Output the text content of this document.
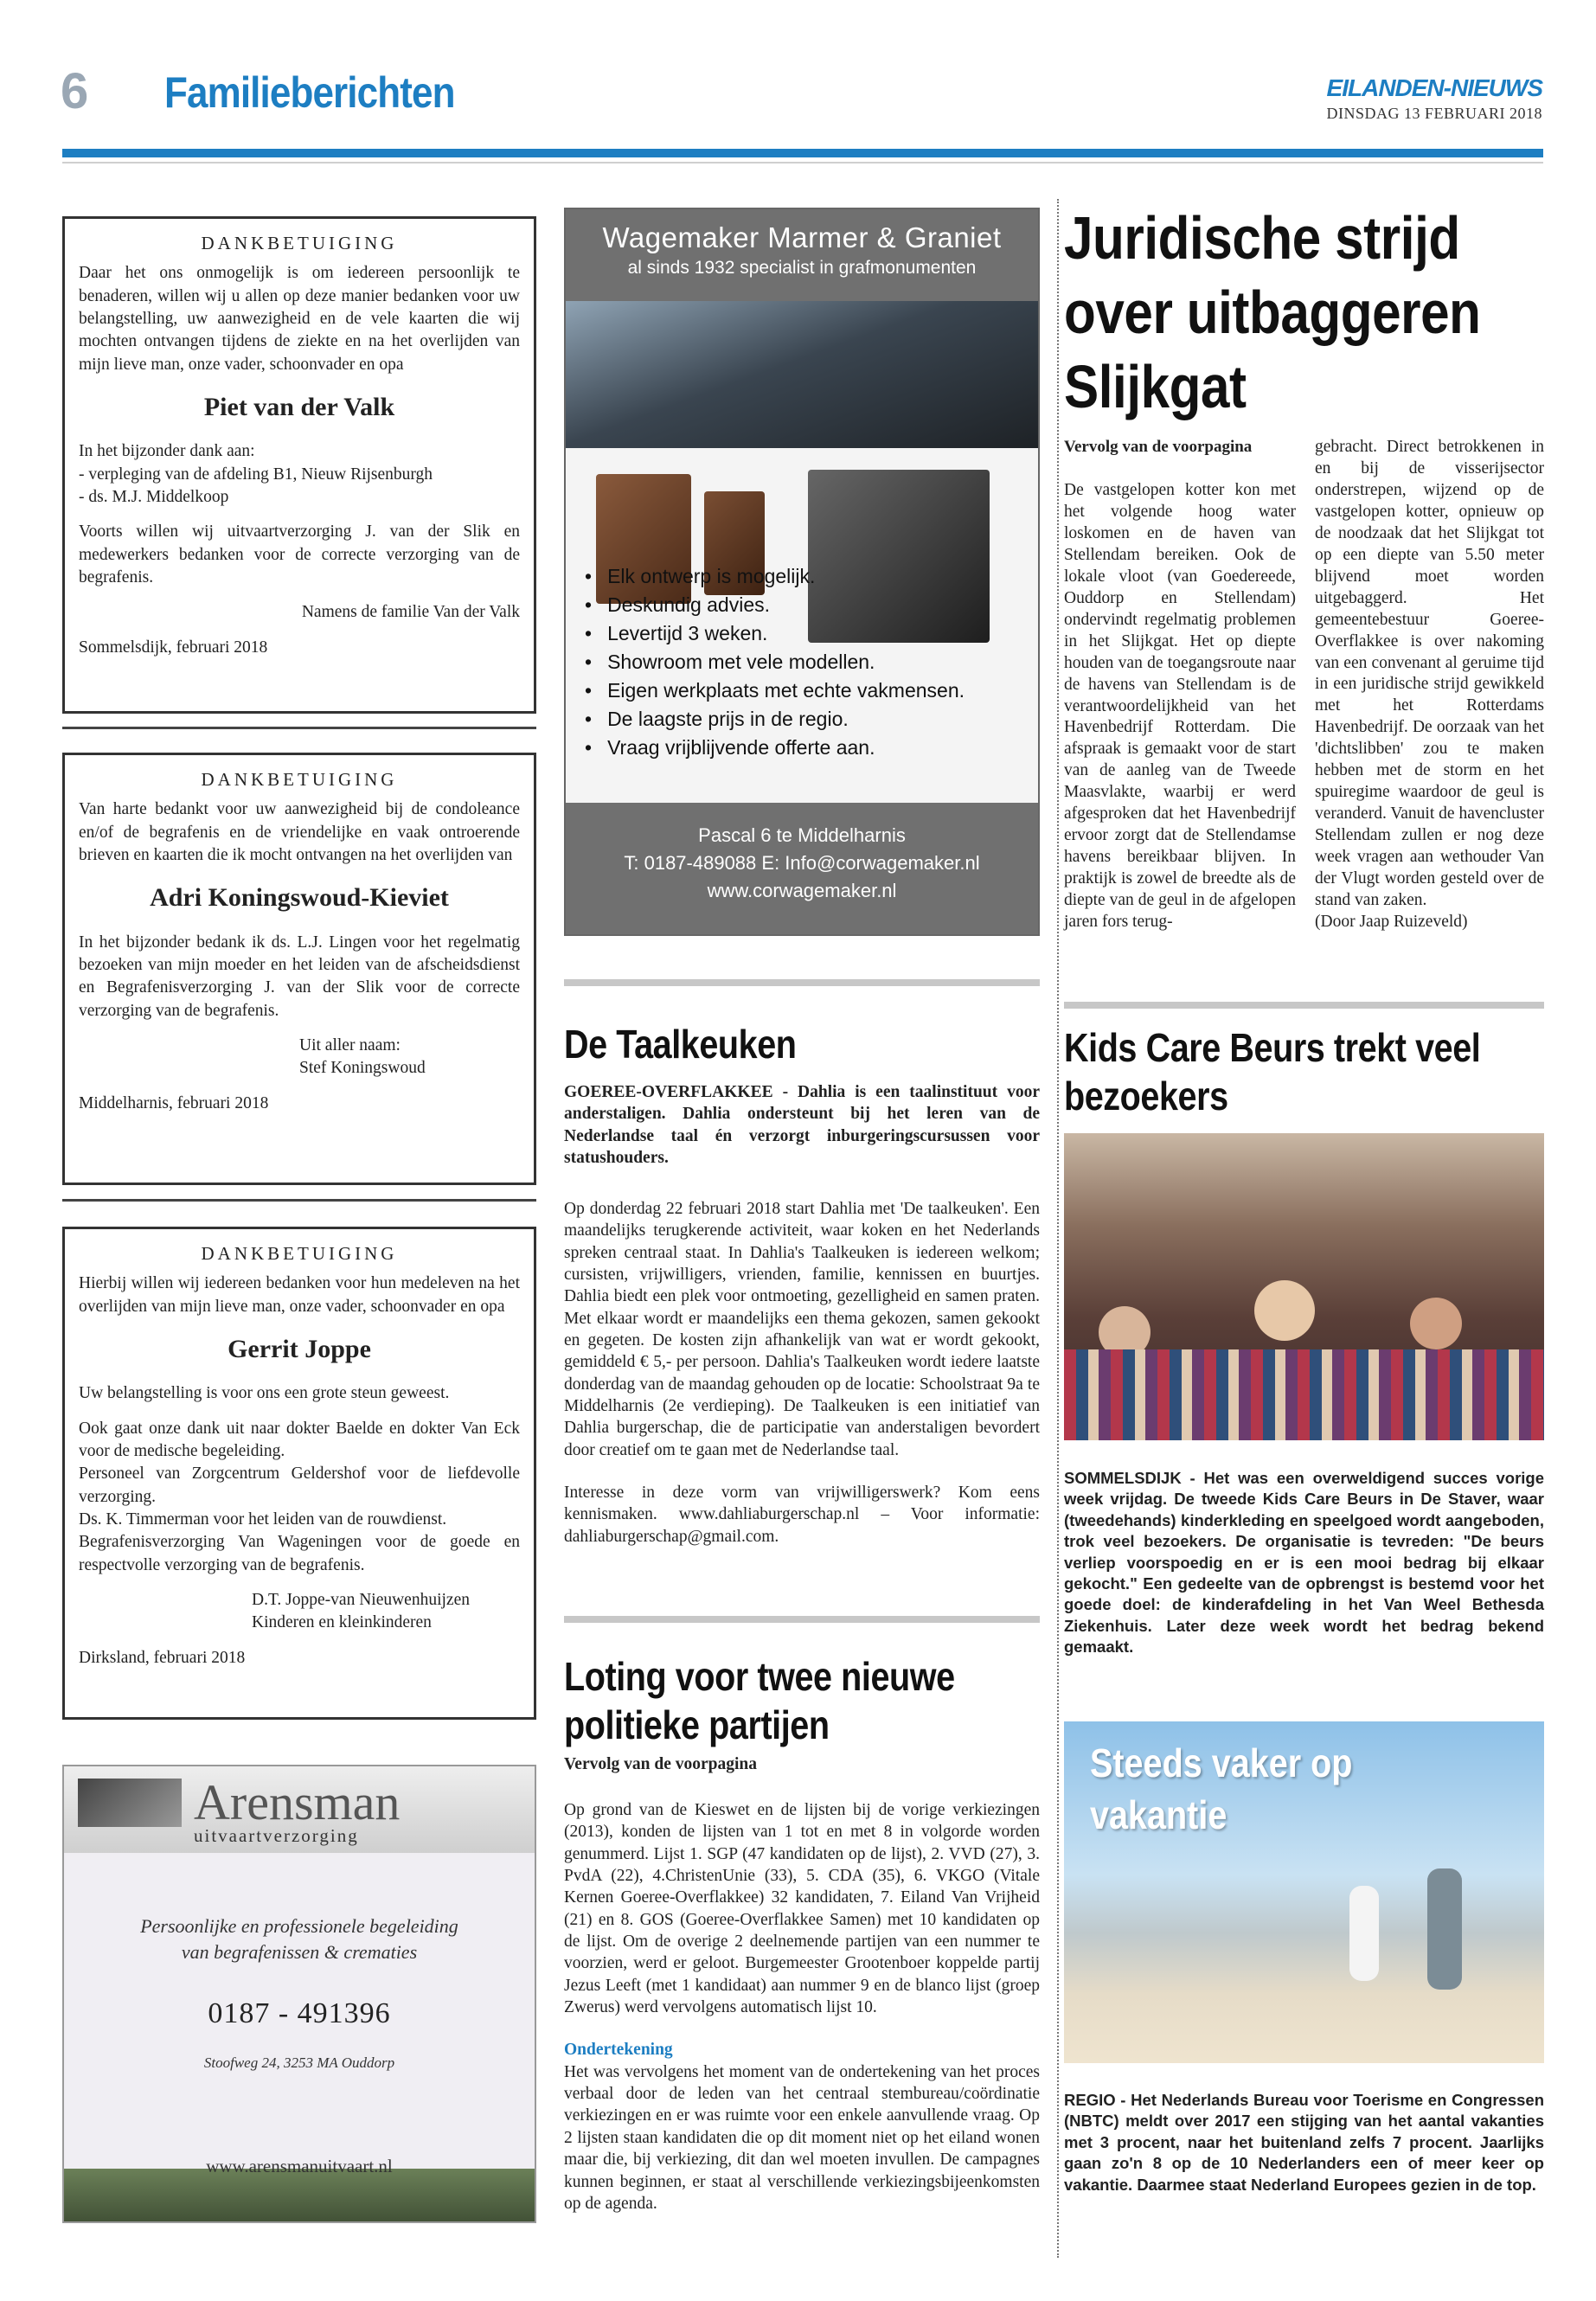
6 Familieberichten	EILANDEN-NIEUWS
DINSDAG 13 FEBRUARI 2018
DANKBETUIGING

Daar het ons onmogelijk is om iedereen persoonlijk te benaderen, willen wij u allen op deze manier bedanken voor uw belangstelling, uw aanwezigheid en de vele kaarten die wij mochten ontvangen tijdens de ziekte en na het overlijden van mijn lieve man, onze vader, schoonvader en opa

Piet van der Valk

In het bijzonder dank aan:
- verpleging van de afdeling B1, Nieuw Rijsenburgh
- ds. M.J. Middelkoop

Voorts willen wij uitvaartverzorging J. van der Slik en medewerkers bedanken voor de correcte verzorging van de begrafenis.

Namens de familie Van der Valk
Sommelsdijk, februari 2018
DANKBETUIGING

Van harte bedankt voor uw aanwezigheid bij de condoleance en/of de begrafenis en de vriendelijke en vaak ontroerende brieven en kaarten die ik mocht ontvangen na het overlijden van

Adri Koningswoud-Kieviet

In het bijzonder bedank ik ds. L.J. Lingen voor het regelmatig bezoeken van mijn moeder en het leiden van de afscheidsdienst en Begrafenisverzorging J. van der Slik voor de correcte verzorging van de begrafenis.

Uit aller naam:
Stef Koningswoud
Middelharnis, februari 2018
DANKBETUIGING

Hierbij willen wij iedereen bedanken voor hun medeleven na het overlijden van mijn lieve man, onze vader, schoonvader en opa

Gerrit Joppe

Uw belangstelling is voor ons een grote steun geweest.

Ook gaat onze dank uit naar dokter Baelde en dokter Van Eck voor de medische begeleiding.
Personeel van Zorgcentrum Geldershof voor de liefdevolle verzorging.
Ds. K. Timmerman voor het leiden van de rouwdienst.
Begrafenisverzorging Van Wageningen voor de goede en respectvolle verzorging van de begrafenis.

D.T. Joppe-van Nieuwenhuijzen
Kinderen en kleinkinderen
Dirksland, februari 2018
Arensman
uitvaartverzorging
Persoonlijke en professionele begeleiding
van begrafenissen & crematies
0187 - 491396
Stoofweg 24, 3253 MA Ouddorp
www.arensmanuitvaart.nl
Wagemaker Marmer & Graniet
al sinds 1932 specialist in grafmonumenten
• Elk ontwerp is mogelijk.
• Deskundig advies.
• Levertijd 3 weken.
• Showroom met vele modellen.
• Eigen werkplaats met echte vakmensen.
• De laagste prijs in de regio.
• Vraag vrijblijvende offerte aan.
Pascal 6 te Middelharnis
T: 0187-489088 E: Info@corwagemaker.nl
www.corwagemaker.nl
De Taalkeuken
GOEREE-OVERFLAKKEE - Dahlia is een taalinstituut voor anderstaligen. Dahlia ondersteunt bij het leren van de Nederlandse taal én verzorgt inburgeringscursussen voor statushouders.

Op donderdag 22 februari 2018 start Dahlia met 'De taalkeuken'. Een maandelijks terugkerende activiteit, waar koken en het Nederlands spreken centraal staat. In Dahlia's Taalkeuken is iedereen welkom; cursisten, vrijwilligers, vrienden, familie, kennissen en buurtjes. Dahlia biedt een plek voor ontmoeting, gezelligheid en samen praten. Met elkaar wordt er maandelijks een thema gekozen, samen gekookt en gegeten. De kosten zijn afhankelijk van wat er wordt gekookt, gemiddeld € 5,- per persoon. Dahlia's Taalkeuken wordt iedere laatste donderdag van de maandag gehouden op de locatie: Schoolstraat 9a te Middelharnis (2e verdieping). De Taalkeuken is een initiatief van Dahlia burgerschap, die de participatie van anderstaligen bevordert door creatief om te gaan met de Nederlandse taal.

Interesse in deze vorm van vrijwilligerswerk? Kom eens kennismaken. www.dahliaburgerschap.nl – Voor informatie: dahliaburgerschap@gmail.com.

Loting voor twee nieuwe politieke partijen
Vervolg van de voorpagina

Op grond van de Kieswet en de lijsten bij de vorige verkiezingen (2013), konden de lijsten van 1 tot en met 8 in volgorde worden genummerd. Lijst 1. SGP (47 kandidaten op de lijst), 2. VVD (27), 3. PvdA (22), 4.ChristenUnie (33), 5. CDA (35), 6. VKGO (Vitale Kernen Goeree-Overflakkee) 32 kandidaten, 7. Eiland Van Vrijheid (21) en 8. GOS (Goeree-Overflakkee Samen) met 10 kandidaten op de lijst. Om de overige 2 deelnemende partijen van een nummer te voorzien, werd er geloot. Burgemeester Grootenboer koppelde partij Jezus Leeft (met 1 kandidaat) aan nummer 9 en de blanco lijst (groep Zwerus) werd vervolgens automatisch lijst 10.

Ondertekening
Het was vervolgens het moment van de ondertekening van het proces verbaal door de leden van het centraal stembureau/coördinatie verkiezingen en er was ruimte voor een enkele aanvullende vraag. Op 2 lijsten staan kandidaten die op dit moment niet op het eiland wonen maar die, bij verkiezing, dit dan wel moeten invullen. De campagnes kunnen beginnen, er staat al verschillende verkiezingsbijeenkomsten op de agenda.

Juridische strijd over uitbaggeren Slijkgat
Vervolg van de voorpagina
De vastgelopen kotter kon met het volgende hoog water loskomen en de haven van Stellendam bereiken. Ook de lokale vloot (van Goedereede, Ouddorp en Stellendam) ondervindt regelmatig problemen in het Slijkgat. Het op diepte houden van de toegangsroute naar de havens van Stellendam is de verantwoordelijkheid van het Havenbedrijf Rotterdam. Die afspraak is gemaakt voor de start van de aanleg van de Tweede Maasvlakte, waarbij er werd afgesproken dat het Havenbedrijf ervoor zorgt dat de Stellendamse havens bereikbaar blijven. In praktijk is zowel de breedte als de diepte van de geul in de afgelopen jaren fors terug-
gebracht. Direct betrokkenen in en bij de visserijsector onderstrepen, wijzend op de vastgelopen kotter, opnieuw op de noodzaak dat het Slijkgat tot op een diepte van 5.50 meter blijvend moet worden uitgebaggerd. Het gemeentebestuur Goeree-Overflakkee is over nakoming van een convenant al geruime tijd in een juridische strijd gewikkeld met het Rotterdams Havenbedrijf. De oorzaak van het 'dichtslibben' zou te maken hebben met de storm en het spuiregime waardoor de geul is veranderd. Vanuit de havencluster Stellendam zullen er nog deze week vragen aan wethouder Van der Vlugt worden gesteld over de stand van zaken.
(Door Jaap Ruizeveld)
Kids Care Beurs trekt veel bezoekers
SOMMELSDIJK - Het was een overweldigend succes vorige week vrijdag. De tweede Kids Care Beurs in De Staver, waar (tweedehands) kinderkleding en speelgoed wordt aangeboden, trok veel bezoekers. De organisatie is tevreden: "De beurs verliep voorspoedig en er is een mooi bedrag bij elkaar gekocht." Een gedeelte van de opbrengst is bestemd voor het goede doel: de kinderafdeling in het Van Weel Bethesda Ziekenhuis. Later deze week wordt het bedrag bekend gemaakt.
Steeds vaker op vakantie
REGIO - Het Nederlands Bureau voor Toerisme en Congressen (NBTC) meldt over 2017 een stijging van het aantal vakanties met 3 procent, naar het buitenland zelfs 7 procent. Jaarlijks gaan zo'n 8 op de 10 Nederlanders een of meer keer op vakantie. Daarmee staat Nederland Europees gezien in de top.
